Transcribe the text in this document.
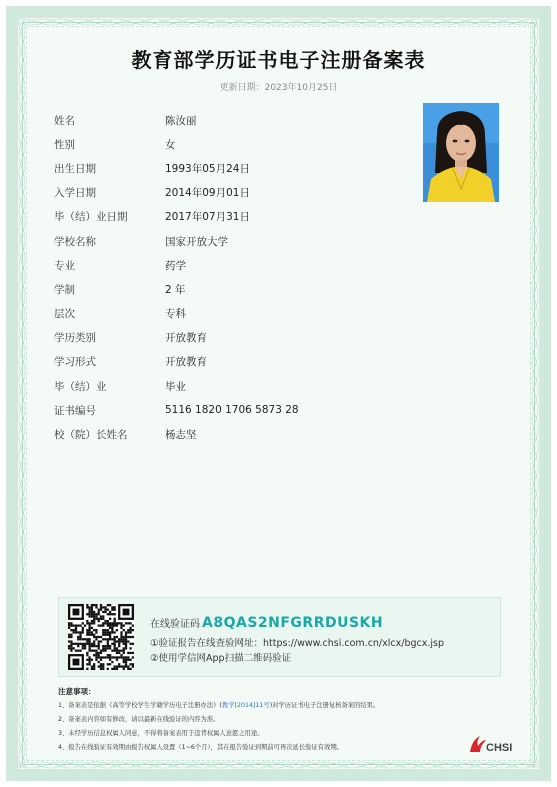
教育部学历证书电子注册备案表
更新日期：2023年10月25日
姓名	陈汝丽
性别	女
出生日期	1993年05月24日
入学日期	2014年09月01日
毕（结）业日期	2017年07月31日
学校名称	国家开放大学
专业	药学
学制	2 年
层次	专科
学历类别	开放教育
学习形式	开放教育
毕（结）业	毕业
证书编号	5116 1820 1706 5873 28
校（院）长姓名	杨志坚
在线验证码 A8QAS2NFGRRDUSKH
①验证报告在线查验网址：https://www.chsi.com.cn/xlcx/bgcx.jsp
②使用学信网App扫描二维码验证
注意事项：
1、备案表是依据《高等学校学生学籍学历电子注册办法》(教学[2014]11号)对学历证书电子注册复核备案的结果。
2、备案表内容如有修改，请以最新在线验证的内容为准。
3、未经学历信息权属人同意，不得将备案表用于违背权属人意愿之用途。
4、报告在线验证有效期由报告权属人设置（1~6个月），其在报告验证到期前可再次延长验证有效期。	CHSI
